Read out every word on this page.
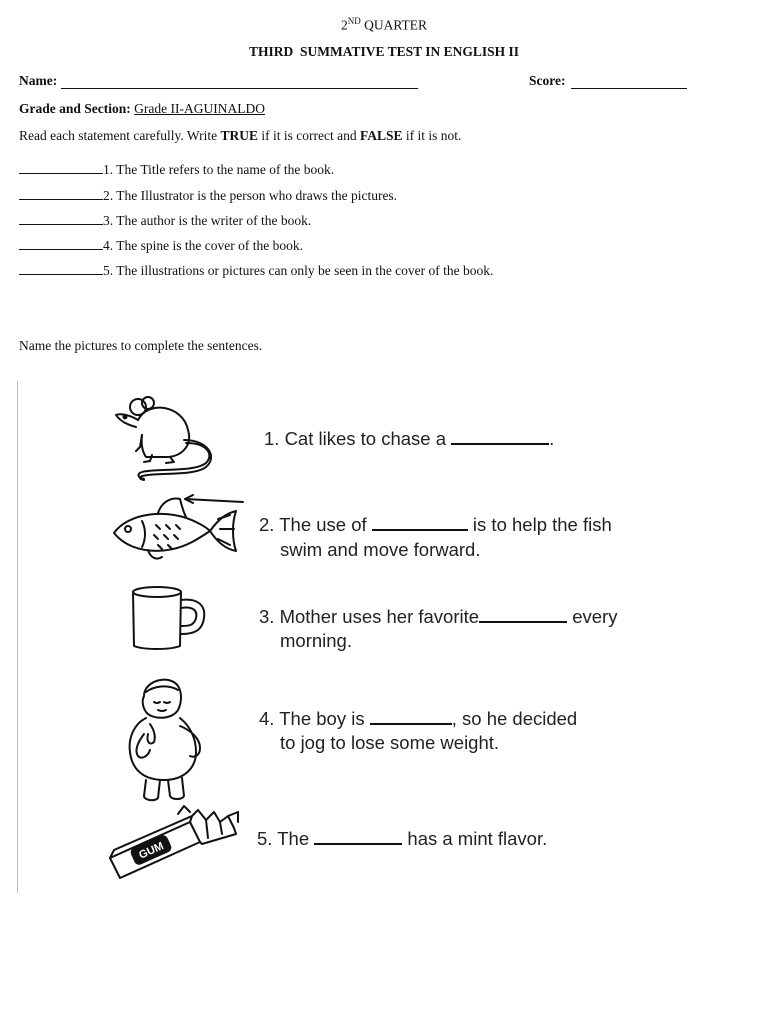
2ND QUARTER
THIRD  SUMMATIVE TEST IN ENGLISH II
Name:	Score:
Grade and Section: Grade II-AGUINALDO
Read each statement carefully. Write TRUE if it is correct and FALSE if it is not.
1. The Title refers to the name of the book.
2. The Illustrator is the person who draws the pictures.
3. The author is the writer of the book.
4. The spine is the cover of the book.
5. The illustrations or pictures can only be seen in the cover of the book.
Name the pictures to complete the sentences.
1. Cat likes to chase a	.
2. The use of	is to help the fish
swim and move forward.
3. Mother uses her favorite	every
morning.
4. The boy is	, so he decided
to jog to lose some weight.
GUM
5. The	has a mint flavor.
